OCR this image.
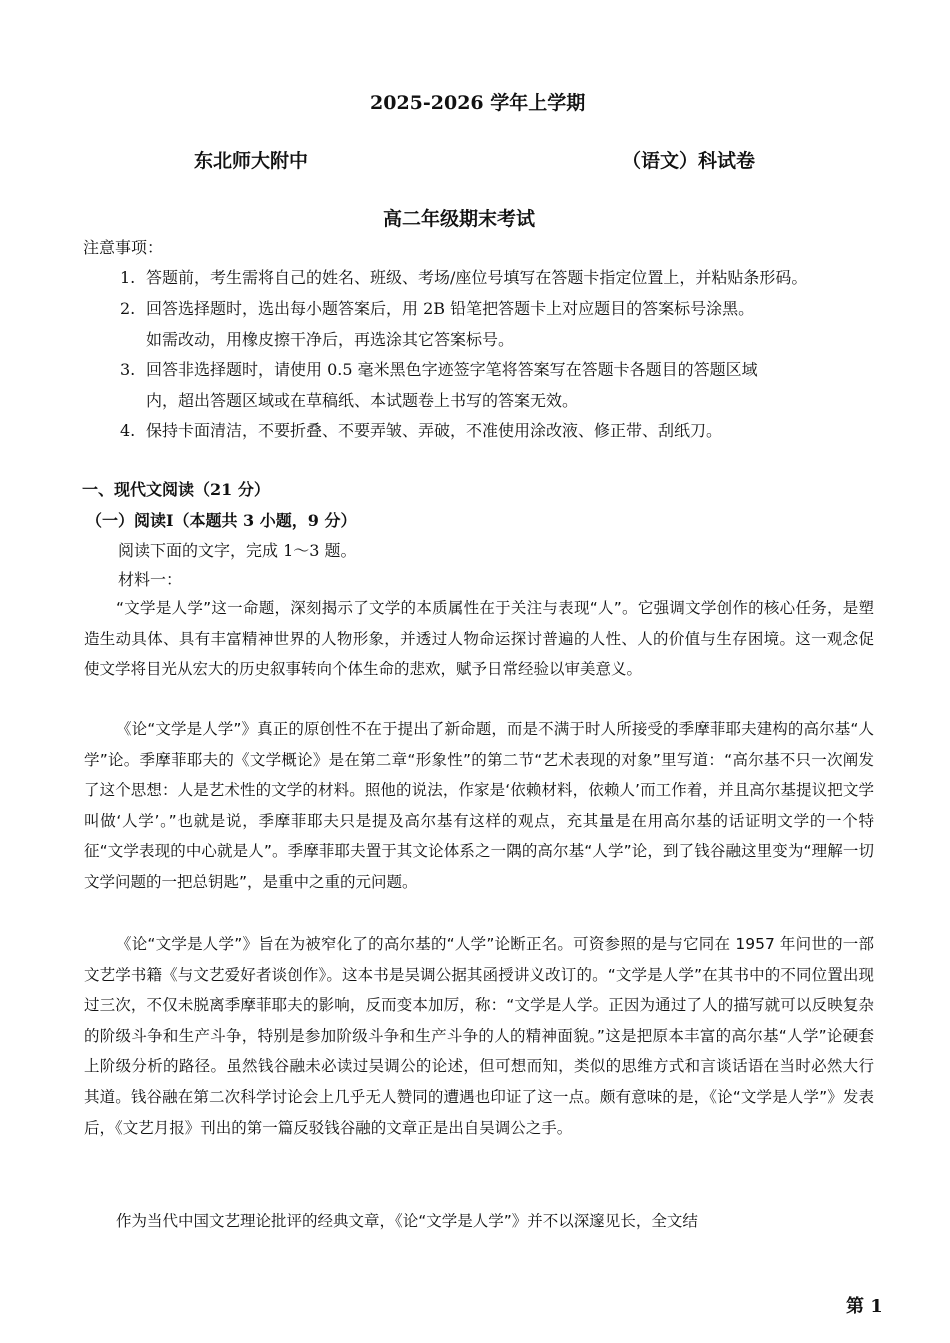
2025-2026 学年上学期
东北师大附中	（语文）科试卷
高二年级期末考试
注意事项：
1. 答题前，考生需将自己的姓名、班级、考场/座位号填写在答题卡指定位置上，并粘贴条形码。
2. 回答选择题时，选出每小题答案后，用 2B 铅笔把答题卡上对应题目的答案标号涂黑。
如需改动，用橡皮擦干净后，再选涂其它答案标号。
3. 回答非选择题时，请使用 0.5 毫米黑色字迹签字笔将答案写在答题卡各题目的答题区域
内，超出答题区域或在草稿纸、本试题卷上书写的答案无效。
4. 保持卡面清洁，不要折叠、不要弄皱、弄破，不准使用涂改液、修正带、刮纸刀。
一、现代文阅读（21 分）
（一）阅读Ⅰ（本题共 3 小题，9 分）
阅读下面的文字，完成 1～3 题。
材料一：
“文学是人学”这一命题，深刻揭示了文学的本质属性在于关注与表现“人”。它强调文学创作的核心任务，是塑造生动具体、具有丰富精神世界的人物形象，并透过人物命运探讨普遍的人性、人的价值与生存困境。这一观念促使文学将目光从宏大的历史叙事转向个体生命的悲欢，赋予日常经验以审美意义。
《论“文学是人学”》真正的原创性不在于提出了新命题，而是不满于时人所接受的季摩菲耶夫建构的高尔基“人学”论。季摩菲耶夫的《文学概论》是在第二章“形象性”的第二节“艺术表现的对象”里写道：“高尔基不只一次阐发了这个思想：人是艺术性的文学的材料。照他的说法，作家是‘依赖材料，依赖人’而工作着，并且高尔基提议把文学叫做‘人学’。”也就是说，季摩菲耶夫只是提及高尔基有这样的观点，充其量是在用高尔基的话证明文学的一个特征“文学表现的中心就是人”。季摩菲耶夫置于其文论体系之一隅的高尔基“人学”论，到了钱谷融这里变为“理解一切文学问题的一把总钥匙”，是重中之重的元问题。
《论“文学是人学”》旨在为被窄化了的高尔基的“人学”论断正名。可资参照的是与它同在 1957 年问世的一部文艺学书籍《与文艺爱好者谈创作》。这本书是吴调公据其函授讲义改订的。“文学是人学”在其书中的不同位置出现过三次，不仅未脱离季摩菲耶夫的影响，反而变本加厉，称：“文学是人学。正因为通过了人的描写就可以反映复杂的阶级斗争和生产斗争，特别是参加阶级斗争和生产斗争的人的精神面貌。”这是把原本丰富的高尔基“人学”论硬套上阶级分析的路径。虽然钱谷融未必读过吴调公的论述，但可想而知，类似的思维方式和言谈话语在当时必然大行其道。钱谷融在第二次科学讨论会上几乎无人赞同的遭遇也印证了这一点。颇有意味的是，《论“文学是人学”》发表后，《文艺月报》刊出的第一篇反驳钱谷融的文章正是出自吴调公之手。
作为当代中国文艺理论批评的经典文章，《论“文学是人学”》并不以深邃见长，全文结
第 1
